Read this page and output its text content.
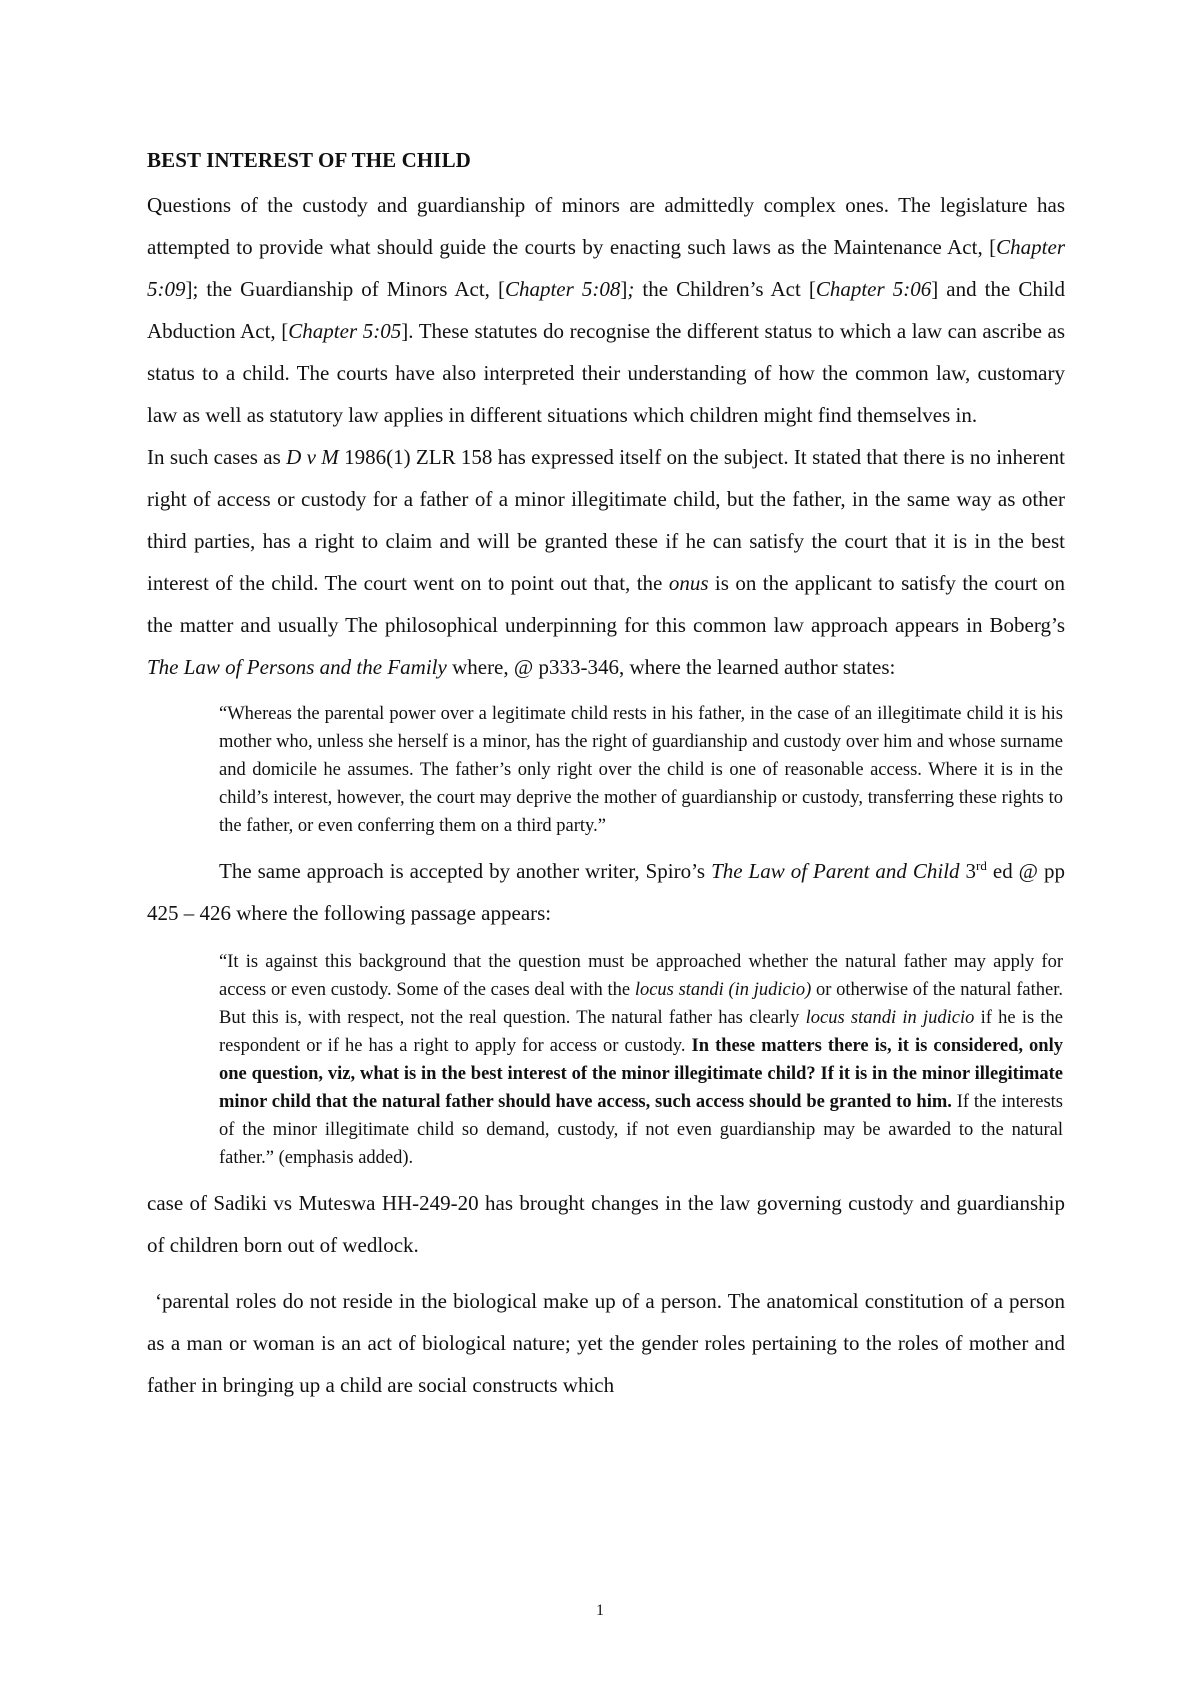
BEST INTEREST OF THE CHILD

Questions of the custody and guardianship of minors are admittedly complex ones. The legislature has attempted to provide what should guide the courts by enacting such laws as the Maintenance Act, [Chapter 5:09]; the Guardianship of Minors Act, [Chapter 5:08]; the Children’s Act [Chapter 5:06] and the Child Abduction Act, [Chapter 5:05]. These statutes do recognise the different status to which a law can ascribe as status to a child. The courts have also interpreted their understanding of how the common law, customary law as well as statutory law applies in different situations which children might find themselves in.

In such cases as D v M 1986(1) ZLR 158 has expressed itself on the subject. It stated that there is no inherent right of access or custody for a father of a minor illegitimate child, but the father, in the same way as other third parties, has a right to claim and will be granted these if he can satisfy the court that it is in the best interest of the child. The court went on to point out that, the onus is on the applicant to satisfy the court on the matter and usually The philosophical underpinning for this common law approach appears in Boberg’s The Law of Persons and the Family where, @ p333-346, where the learned author states:

“Whereas the parental power over a legitimate child rests in his father, in the case of an illegitimate child it is his mother who, unless she herself is a minor, has the right of guardianship and custody over him and whose surname and domicile he assumes. The father’s only right over the child is one of reasonable access. Where it is in the child’s interest, however, the court may deprive the mother of guardianship or custody, transferring these rights to the father, or even conferring them on a third party.”

The same approach is accepted by another writer, Spiro’s The Law of Parent and Child 3rd ed @ pp 425 – 426 where the following passage appears:

“It is against this background that the question must be approached whether the natural father may apply for access or even custody. Some of the cases deal with the locus standi (in judicio) or otherwise of the natural father. But this is, with respect, not the real question. The natural father has clearly locus standi in judicio if he is the respondent or if he has a right to apply for access or custody. In these matters there is, it is considered, only one question, viz, what is in the best interest of the minor illegitimate child? If it is in the minor illegitimate minor child that the natural father should have access, such access should be granted to him. If the interests of the minor illegitimate child so demand, custody, if not even guardianship may be awarded to the natural father.” (emphasis added).

case of Sadiki vs Muteswa HH-249-20 has brought changes in the law governing custody and guardianship of children born out of wedlock.

‘parental roles do not reside in the biological make up of a person. The anatomical constitution of a person as a man or woman is an act of biological nature; yet the gender roles pertaining to the roles of mother and father in bringing up a child are social constructs which

1
